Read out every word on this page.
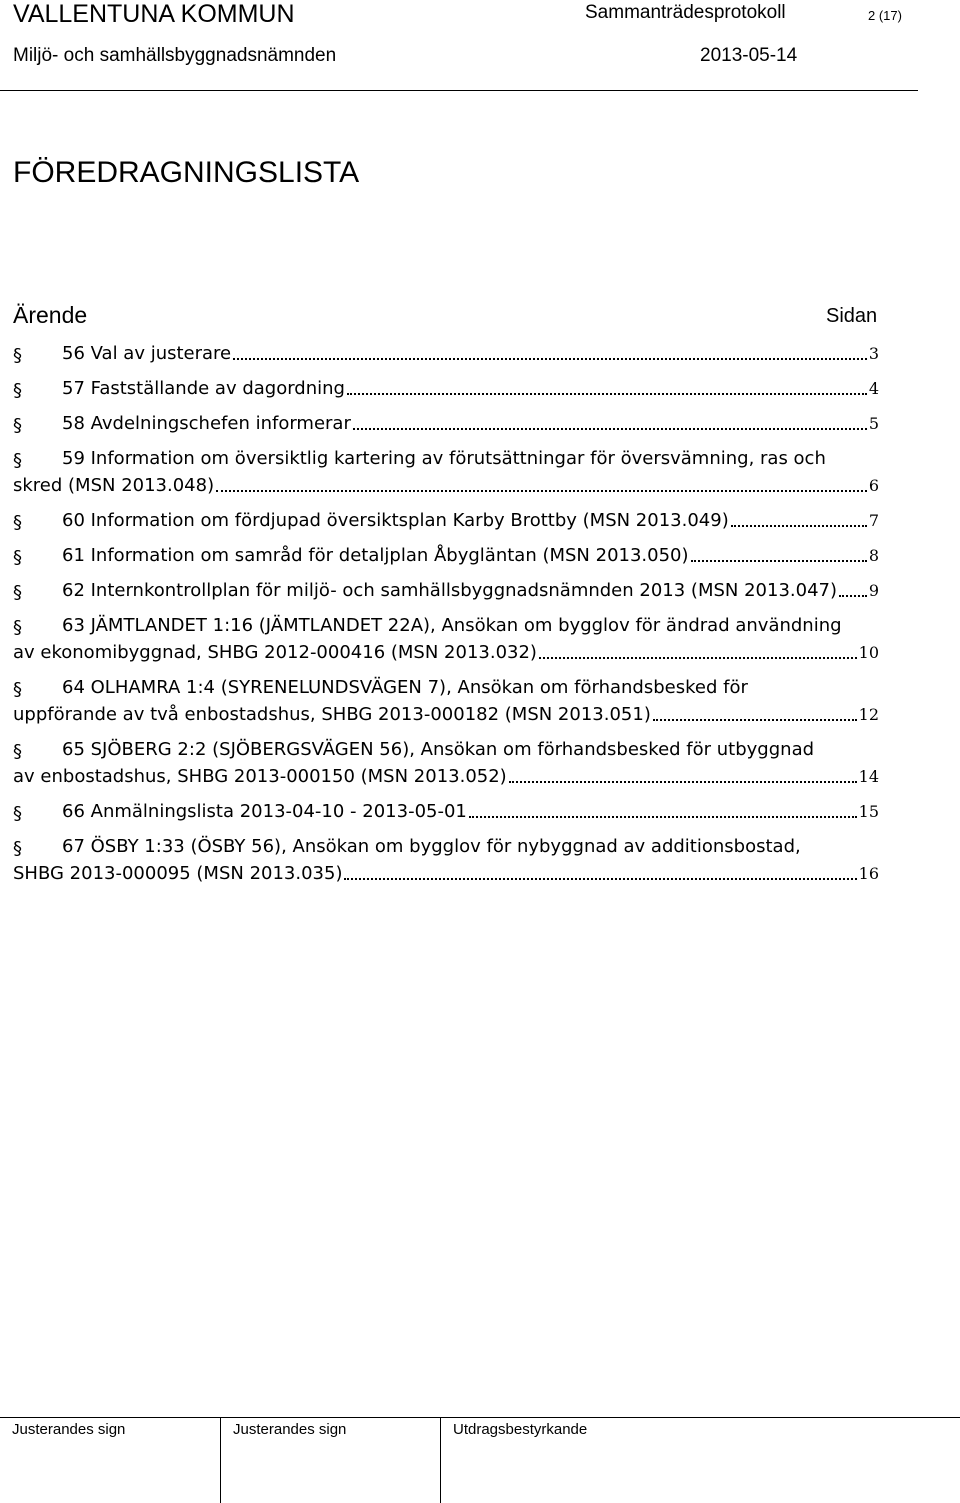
VALLENTUNA KOMMUN	Sammanträdesprotokoll	2 (17)
Miljö- och samhällsbyggnadsnämnden	2013-05-14
FÖREDRAGNINGSLISTA
Ärende	Sidan
§	56 Val av justerare	3
§	57 Fastställande av dagordning	4
§	58 Avdelningschefen informerar	5
§	59 Information om översiktlig kartering av förutsättningar för översvämning, ras och
skred (MSN 2013.048)	6
§	60 Information om fördjupad översiktsplan Karby Brottby (MSN 2013.049)	7
§	61 Information om samråd för detaljplan Åbygläntan (MSN 2013.050)	8
§	62 Internkontrollplan för miljö- och samhällsbyggnadsnämnden 2013 (MSN 2013.047) 9
§	63 JÄMTLANDET 1:16 (JÄMTLANDET 22A), Ansökan om bygglov för ändrad användning
av ekonomibyggnad, SHBG 2012-000416 (MSN 2013.032)	10
§	64 OLHAMRA 1:4 (SYRENELUNDSVÄGEN 7), Ansökan om förhandsbesked för
uppförande av två enbostadshus, SHBG 2013-000182 (MSN 2013.051)	12
§	65 SJÖBERG 2:2 (SJÖBERGSVÄGEN 56), Ansökan om förhandsbesked för utbyggnad
av enbostadshus, SHBG 2013-000150 (MSN 2013.052)	14
§	66 Anmälningslista 2013-04-10 - 2013-05-01	15
§	67 ÖSBY 1:33 (ÖSBY 56), Ansökan om bygglov för nybyggnad av additionsbostad,
SHBG 2013-000095 (MSN 2013.035)	16
Justerandes sign	Justerandes sign	Utdragsbestyrkande
